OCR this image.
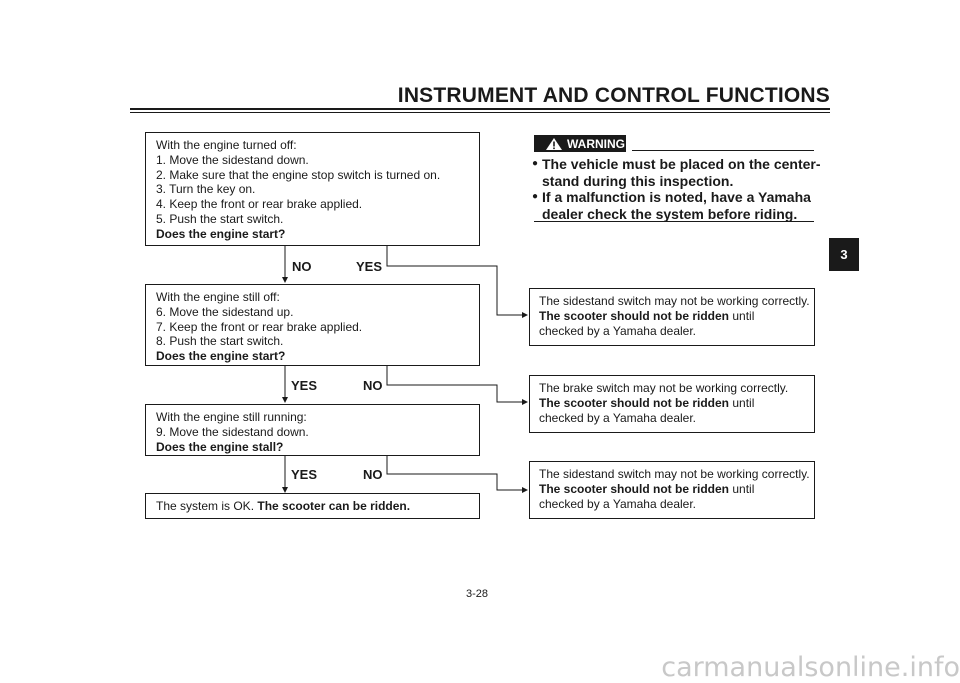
INSTRUMENT AND CONTROL FUNCTIONS
3
With the engine turned off:
1. Move the sidestand down.
2. Make sure that the engine stop switch is turned on.
3. Turn the key on.
4. Keep the front or rear brake applied.
5. Push the start switch.
Does the engine start?
NO	YES
With the engine still off:
6. Move the sidestand up.
7. Keep the front or rear brake applied.
8. Push the start switch.
Does the engine start?
YES	NO
With the engine still running:
9. Move the sidestand down.
Does the engine stall?
YES	NO
The system is OK. The scooter can be ridden.
The sidestand switch may not be working correctly.
The scooter should not be ridden until
checked by a Yamaha dealer.
The brake switch may not be working correctly.
The scooter should not be ridden until
checked by a Yamaha dealer.
The sidestand switch may not be working correctly.
The scooter should not be ridden until
checked by a Yamaha dealer.
WARNING
● The vehicle must be placed on the center-
stand during this inspection.
● If a malfunction is noted, have a Yamaha
dealer check the system before riding.
3-28
carmanualsonline.info
